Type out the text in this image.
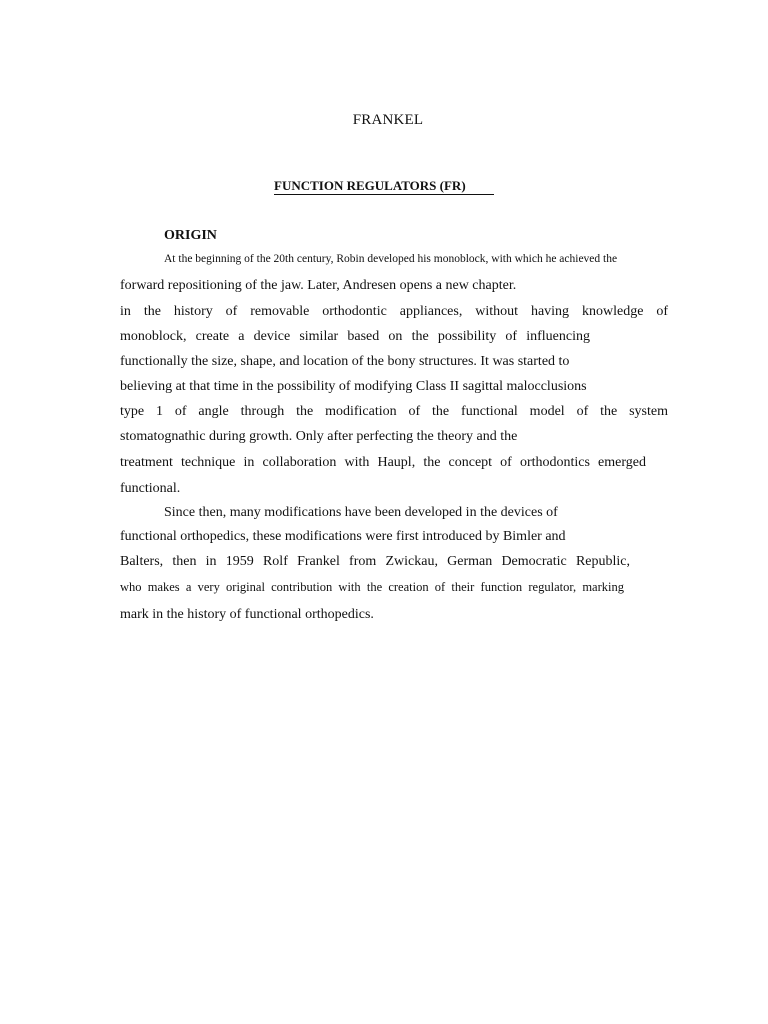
FRANKEL
FUNCTION REGULATORS (FR)
ORIGIN
At the beginning of the 20th century, Robin developed his monoblock, with which he achieved the
forward repositioning of the jaw. Later, Andresen opens a new chapter.
in the history of removable orthodontic appliances, without having knowledge of
monoblock, create a device similar based on the possibility of influencing
functionally the size, shape, and location of the bony structures. It was started to
believing at that time in the possibility of modifying Class II sagittal malocclusions
type 1 of angle through the modification of the functional model of the system
stomatognathic during growth. Only after perfecting the theory and the
treatment technique in collaboration with Haupl, the concept of orthodontics emerged
functional.
Since then, many modifications have been developed in the devices of
functional orthopedics, these modifications were first introduced by Bimler and
Balters, then in 1959 Rolf Frankel from Zwickau, German Democratic Republic,
who makes a very original contribution with the creation of their function regulator, marking
mark in the history of functional orthopedics.
